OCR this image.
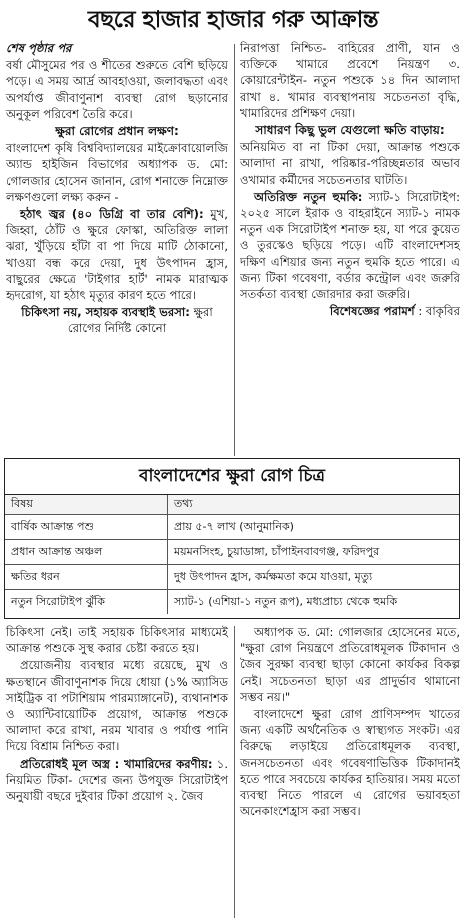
বছরে হাজার হাজার গরু আক্রান্ত

শেষ পৃষ্ঠার পর

বর্ষা মৌসুমের পর ও শীতের শুরুতে বেশি ছড়িয়ে পড়ে। এ সময় আর্দ্র আবহাওয়া, জলাবদ্ধতা এবং অপর্যাপ্ত জীবাণুনাশ ব্যবস্থা রোগ ছড়ানোর অনুকূল পরিবেশ তৈরি করে।

ক্ষুরা রোগের প্রধান লক্ষণ:

বাংলাদেশ কৃষি বিশ্ববিদ্যালয়ের মাইক্রোবায়োলজি অ্যান্ড হাইজিন বিভাগের অধ্যাপক ড. মো: গোলজার হোসেন জানান, রোগ শনাক্তে নিম্নোক্ত লক্ষণগুলো লক্ষ্য করুন -

হঠাৎ জ্বর (৪০ ডিগ্রি বা তার বেশি): মুখ, জিহ্বা, ঠোঁট ও ক্ষুরে ফোস্কা, অতিরিক্ত লালা ঝরা, খুঁড়িয়ে হাঁটা বা পা দিয়ে মাটি ঠোকানো, খাওয়া বন্ধ করে দেয়া, দুধ উৎপাদন হ্রাস, বাছুরের ক্ষেত্রে 'টাইগার হার্ট' নামক মারাত্মক হৃদরোগ, যা হঠাৎ মৃত্যুর কারণ হতে পারে।

চিকিৎসা নয়, সহায়ক ব্যবস্থাই ভরসা: ক্ষুরা রোগের নির্দিষ্ট কোনো

নিরাপত্তা নিশ্চিত- বাহিরের প্রাণী, যান ও ব্যক্তিকে খামারে প্রবেশে নিয়ন্ত্রণ ৩. কোয়ারেন্টাইন- নতুন পশুকে ১৪ দিন আলাদা রাখা ৪. খামার ব্যবস্থাপনায় সচেতনতা বৃদ্ধি, খামারিদের প্রশিক্ষণ দেয়া।

সাধারণ কিছু ভুল যেগুলো ক্ষতি বাড়ায়:

অনিয়মিত বা না টিকা দেয়া, আক্রান্ত পশুকে আলাদা না রাখা, পরিষ্কার-পরিচ্ছন্নতার অভাব ওখামার কর্মীদের সচেতনতার ঘাটতি।

অতিরিক্ত নতুন হুমকি: স্যাট-১ সিরোটাইপ: ২০২৫ সালে ইরাক ও বাহরাইনে স্যাট-১ নামক নতুন এক সিরোটাইপ শনাক্ত হয়, যা পরে কুয়েত ও তুরস্কেও ছড়িয়ে পড়ে। এটি বাংলাদেশসহ দক্ষিণ এশিয়ার জন্য নতুন হুমকি হতে পারে। এ জন্য টিকা গবেষণা, বর্ডার কন্ট্রোল এবং জরুরি সতর্কতা ব্যবস্থা জোরদার করা জরুরি।

বিশেষজ্ঞের পরামর্শ : বাকৃবির

বাংলাদেশের ক্ষুরা রোগ চিত্র
বিষয়	তথ্য
বার্ষিক আক্রান্ত পশু	প্রায় ৫-৭ লাখ (আনুমানিক)
প্রধান আক্রান্ত অঞ্চল	ময়মনসিংহ, চুয়াডাঙ্গা, চাঁপাইনবাবগঞ্জ, ফরিদপুর
ক্ষতির ধরন	দুধ উৎপাদন হ্রাস, কর্মক্ষমতা কমে যাওয়া, মৃত্যু
নতুন সিরোটাইপ ঝুঁকি	স্যাট-১ (এশিয়া-১ নতুন রূপ), মধ্যপ্রাচ্য থেকে হুমকি

চিকিৎসা নেই। তাই সহায়ক চিকিৎসার মাধ্যমেই আক্রান্ত পশুকে সুস্থ করার চেষ্টা করতে হয়।

প্রয়োজনীয় ব্যবস্থার মধ্যে রয়েছে, মুখ ও ক্ষতস্থানে জীবাণুনাশক দিয়ে ধোয়া (১% অ্যাসিড সাইট্রিক বা পটাশিয়াম পারম্যাঙ্গানেট), ব্যথানাশক ও অ্যান্টিবায়োটিক প্রয়োগ, আক্রান্ত পশুকে আলাদা করে রাখা, নরম খাবার ও পর্যাপ্ত পানি দিয়ে বিশ্রাম নিশ্চিত করা।

প্রতিরোধই মূল অস্ত্র : খামারিদের করণীয়: ১. নিয়মিত টিকা- দেশের জন্য উপযুক্ত সিরোটাইপ অনুযায়ী বছরে দুইবার টিকা প্রয়োগ ২. জৈব

অধ্যাপক ড. মো: গোলজার হোসেনের মতে, "ক্ষুরা রোগ নিয়ন্ত্রণে প্রতিরোধমূলক টিকাদান ও জৈব সুরক্ষা ব্যবস্থা ছাড়া কোনো কার্যকর বিকল্প নেই। সচেতনতা ছাড়া এর প্রাদুর্ভাব থামানো সম্ভব নয়।"

বাংলাদেশে ক্ষুরা রোগ প্রাণিসম্পদ খাতের জন্য একটি অর্থনৈতিক ও স্বাস্থ্যগত সংকট। এর বিরুদ্ধে লড়াইয়ে প্রতিরোধমূলক ব্যবস্থা, জনসচেতনতা এবং গবেষণাভিত্তিক টিকাদানই হতে পারে সবচেয়ে কার্যকর হাতিয়ার। সময় মতো ব্যবস্থা নিতে পারলে এ রোগের ভয়াবহতা অনেকাংশেহ্রাস করা সম্ভব।
